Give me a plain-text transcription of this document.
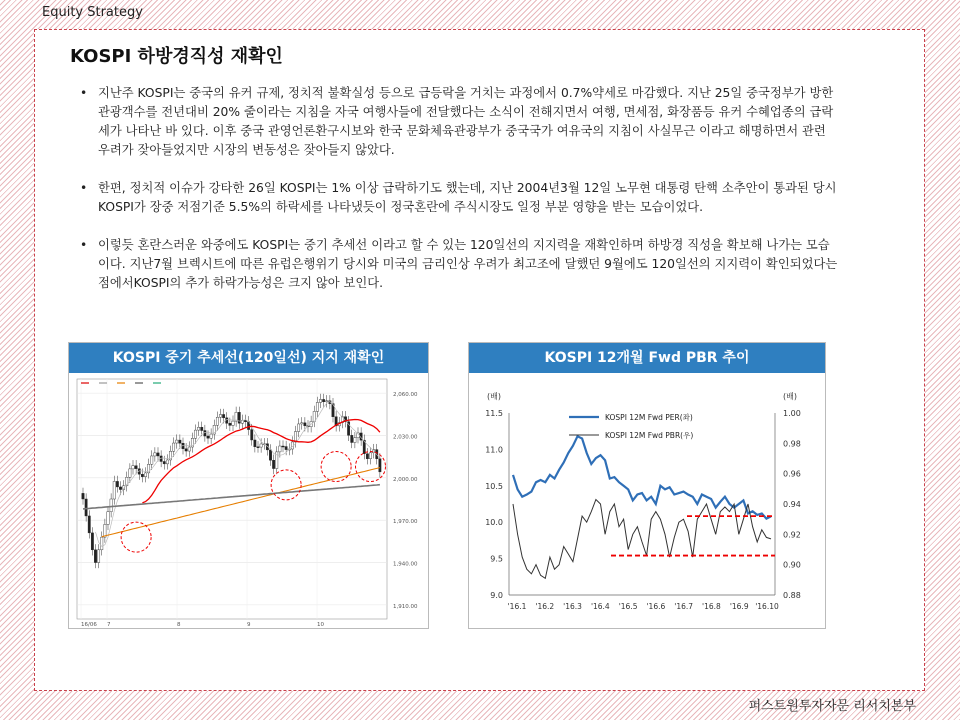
Equity Strategy
KOSPI 하방경직성 재확인
• 지난주 KOSPI는 중국의 유커 규제, 정치적 불확실성 등으로 급등락을 거치는 과정에서 0.7%약세로 마감했다. 지난 25일 중국정부가 방한 관광객수를 전년대비 20% 줄이라는 지침을 자국 여행사들에 전달했다는 소식이 전해지면서 여행, 면세점, 화장품등 유커 수혜업종의 급락세가 나타난 바 있다. 이후 중국 관영언론환구시보와 한국 문화체육관광부가 중국국가 여유국의 지침이 사실무근 이라고 해명하면서 관련 우려가 잦아들었지만 시장의 변동성은 잦아들지 않았다.
• 한편, 정치적 이슈가 강타한 26일 KOSPI는 1% 이상 급락하기도 했는데, 지난 2004년3월 12일 노무현 대통령 탄핵 소추안이 통과된 당시 KOSPI가 장중 저점기준 5.5%의 하락세를 나타냈듯이 정국혼란에 주식시장도 일정 부분 영향을 받는 모습이었다.
• 이렇듯 혼란스러운 와중에도 KOSPI는 중기 추세선 이라고 할 수 있는 120일선의 지지력을 재확인하며 하방경 직성을 확보해 나가는 모습이다. 지난7월 브렉시트에 따른 유럽은행위기 당시와 미국의 금리인상 우려가 최고조에 달했던 9월에도 120일선의 지지력이 확인되었다는 점에서KOSPI의 추가 하락가능성은 크지 않아 보인다.
KOSPI 중기 추세선(120일선) 지지 재확인
2,060.00
2,030.00
2,000.00
1,970.00
1,940.00
1,910.00
16/06 7	8	9	10
KOSPI 12개월 Fwd PBR 추이
(배)	(배)
11.5
11.0
10.5
10.0
9.5
9.0
1.00
0.98
0.96
0.94
0.92
0.90
0.88
'16.1 '16.2 '16.3 '16.4 '16.5 '16.6 '16.7 '16.8 '16.9 '16.10
KOSPI 12M Fwd PER(좌)
KOSPI 12M Fwd PBR(우)
퍼스트원투자자문 리서치본부
